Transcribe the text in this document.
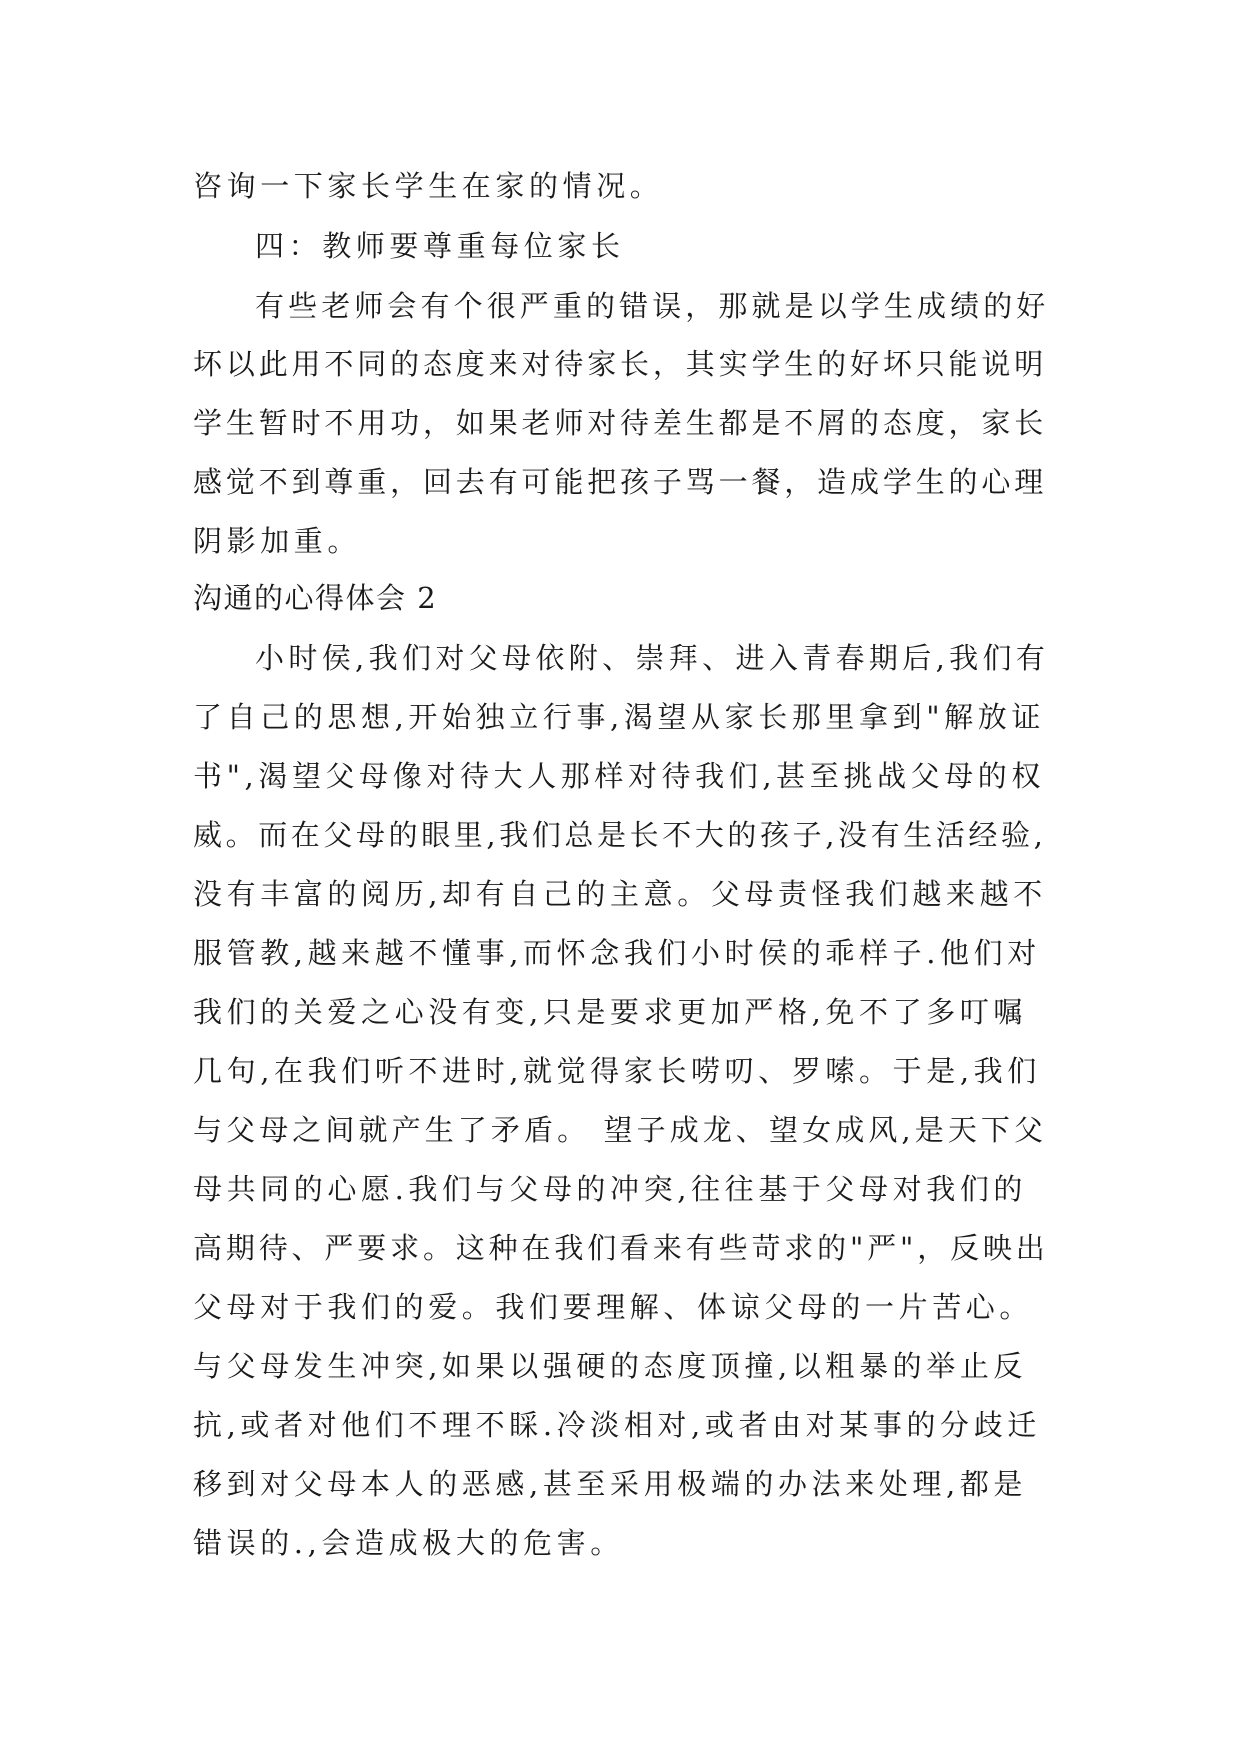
咨询一下家长学生在家的情况。
四：教师要尊重每位家长
有些老师会有个很严重的错误，那就是以学生成绩的好
坏以此用不同的态度来对待家长，其实学生的好坏只能说明
学生暂时不用功，如果老师对待差生都是不屑的态度，家长
感觉不到尊重，回去有可能把孩子骂一餐，造成学生的心理
阴影加重。
沟通的心得体会 2
小时侯,我们对父母依附、崇拜、进入青春期后,我们有
了自己的思想,开始独立行事,渴望从家长那里拿到"解放证
书",渴望父母像对待大人那样对待我们,甚至挑战父母的权
威。而在父母的眼里,我们总是长不大的孩子,没有生活经验,
没有丰富的阅历,却有自己的主意。父母责怪我们越来越不
服管教,越来越不懂事,而怀念我们小时侯的乖样子.他们对
我们的关爱之心没有变,只是要求更加严格,免不了多叮嘱
几句,在我们听不进时,就觉得家长唠叨、罗嗦。于是,我们
与父母之间就产生了矛盾。 望子成龙、望女成风,是天下父
母共同的心愿.我们与父母的冲突,往往基于父母对我们的
高期待、严要求。这种在我们看来有些苛求的"严"，反映出
父母对于我们的爱。我们要理解、体谅父母的一片苦心。
与父母发生冲突,如果以强硬的态度顶撞,以粗暴的举止反
抗,或者对他们不理不睬.冷淡相对,或者由对某事的分歧迁
移到对父母本人的恶感,甚至采用极端的办法来处理,都是
错误的.,会造成极大的危害。
